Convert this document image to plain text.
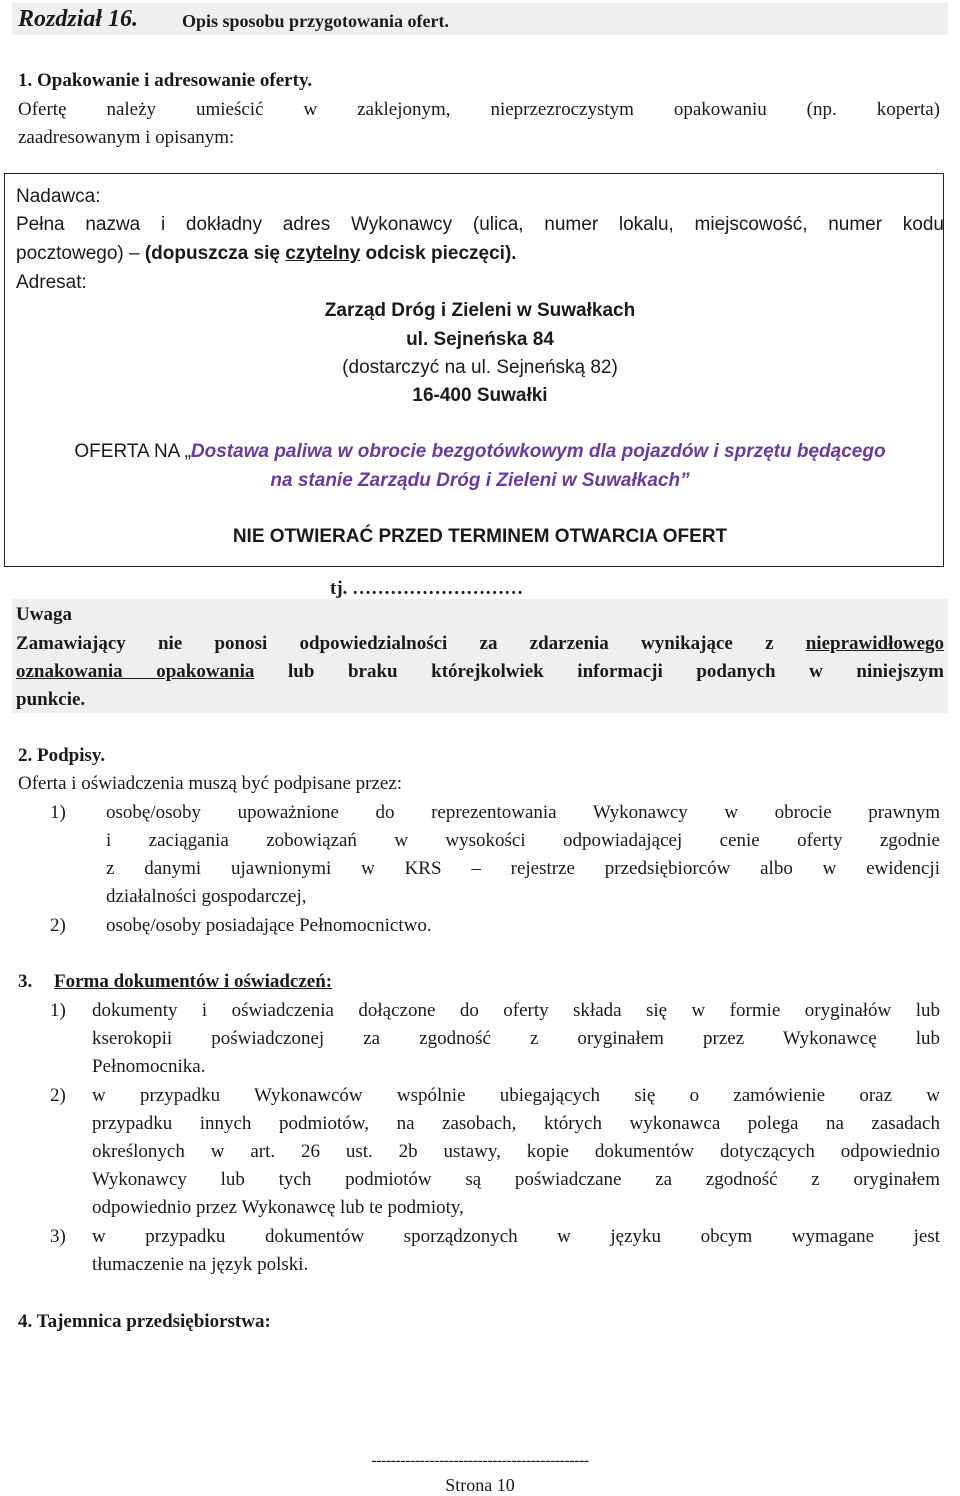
Rozdział 16. Opis sposobu przygotowania ofert.
1. Opakowanie i adresowanie oferty.
Ofertę należy umieścić w zaklejonym, nieprzezroczystym opakowaniu (np. koperta)
zaadresowanym i opisanym:
Nadawca:
Pełna nazwa i dokładny adres Wykonawcy (ulica, numer lokalu, miejscowość, numer kodu
pocztowego) – (dopuszcza się czytelny odcisk pieczęci).
Adresat:
Zarząd Dróg i Zieleni w Suwałkach
ul. Sejneńska 84
(dostarczyć na ul. Sejneńską 82)
16-400 Suwałki
OFERTA NA „Dostawa paliwa w obrocie bezgotówkowym dla pojazdów i sprzętu będącego
na stanie Zarządu Dróg i Zieleni w Suwałkach”
NIE OTWIERAĆ PRZED TERMINEM OTWARCIA OFERT
tj. ………………………
Uwaga
Zamawiający nie ponosi odpowiedzialności za zdarzenia wynikające z nieprawidłowego
oznakowania opakowania lub braku którejkolwiek informacji podanych w niniejszym
punkcie.
2. Podpisy.
Oferta i oświadczenia muszą być podpisane przez:
1) osobę/osoby upoważnione do reprezentowania Wykonawcy w obrocie prawnym
i zaciągania zobowiązań w wysokości odpowiadającej cenie oferty zgodnie
z danymi ujawnionymi w KRS – rejestrze przedsiębiorców albo w ewidencji
działalności gospodarczej,
2) osobę/osoby posiadające Pełnomocnictwo.
3. Forma dokumentów i oświadczeń:
1) dokumenty i oświadczenia dołączone do oferty składa się w formie oryginałów lub
kserokopii poświadczonej za zgodność z oryginałem przez Wykonawcę lub
Pełnomocnika.
2) w przypadku Wykonawców wspólnie ubiegających się o zamówienie oraz w
przypadku innych podmiotów, na zasobach, których wykonawca polega na zasadach
określonych w art. 26 ust. 2b ustawy, kopie dokumentów dotyczących odpowiednio
Wykonawcy lub tych podmiotów są poświadczane za zgodność z oryginałem
odpowiednio przez Wykonawcę lub te podmioty,
3) w przypadku dokumentów sporządzonych w języku obcym wymagane jest
tłumaczenie na język polski.
4. Tajemnica przedsiębiorstwa:
---------------------------------------------
Strona 10
